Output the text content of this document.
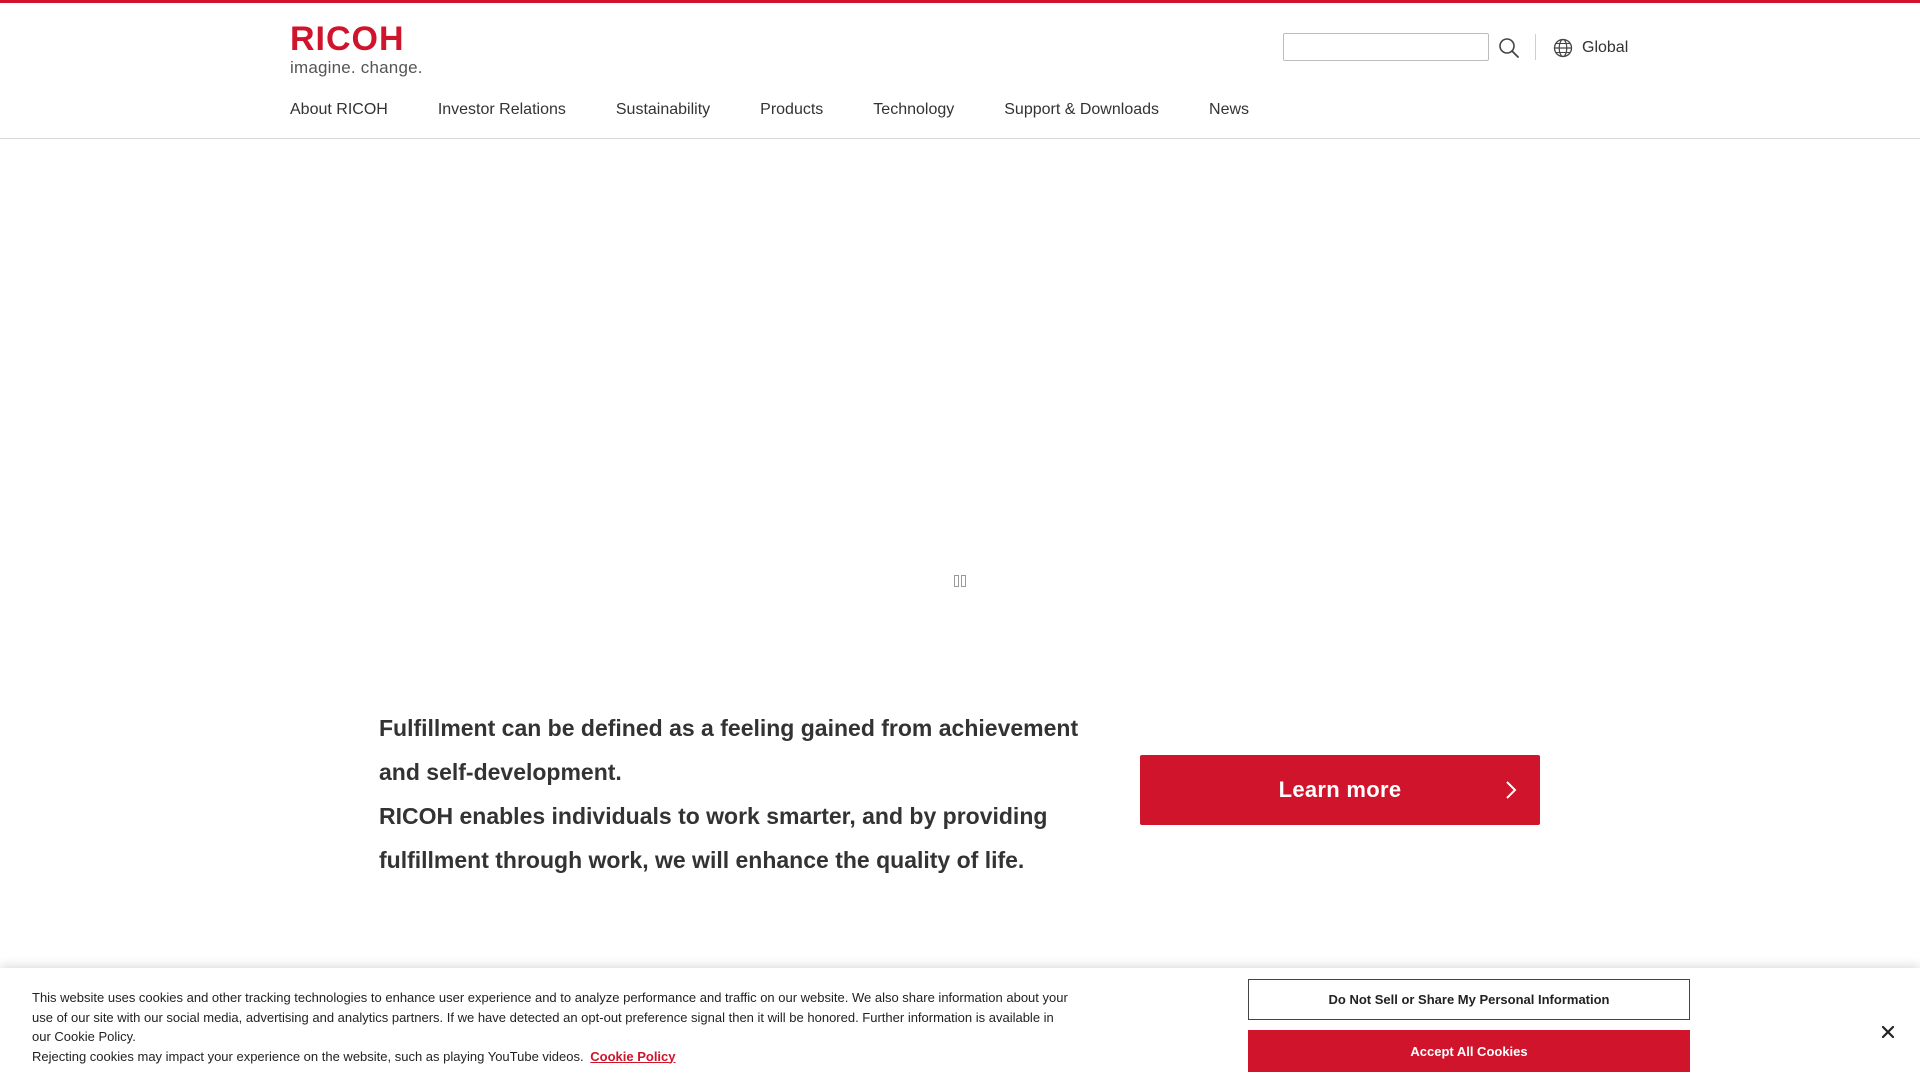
RICOH
imagine. change.
Global
About RICOH	Investor Relations	Sustainability	Products	Technology	Support & Downloads	News

Fulfillment can be defined as a feeling gained from achievement and self-development.

RICOH enables individuals to work smarter, and by providing fulfillment through work, we will enhance the quality of life.

Learn more
This website uses cookies and other tracking technologies to enhance user experience and to analyze performance and traffic on our website. We also share information about your use of our site with our social media, advertising and analytics partners. If we have detected an opt-out preference signal then it will be honored. Further information is available in our Cookie Policy.
Rejecting cookies may impact your experience on the website, such as playing YouTube videos. Cookie Policy
Do Not Sell or Share My Personal Information
Accept All Cookies
